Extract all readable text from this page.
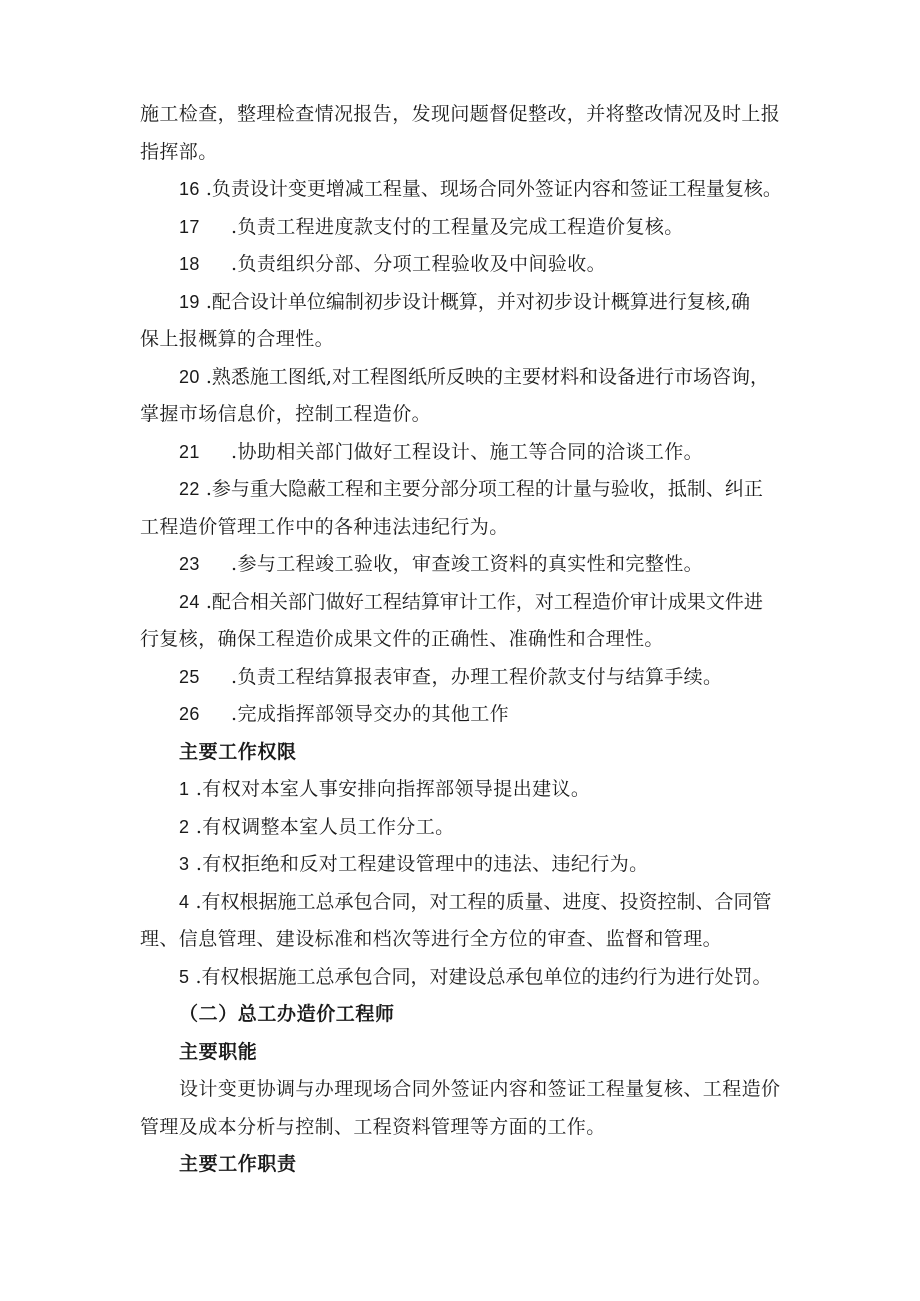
施工检查，整理检查情况报告，发现问题督促整改，并将整改情况及时上报
指挥部。
16 .负责设计变更增减工程量、现场合同外签证内容和签证工程量复核。
17 .负责工程进度款支付的工程量及完成工程造价复核。
18 .负责组织分部、分项工程验收及中间验收。
19 .配合设计单位编制初步设计概算，并对初步设计概算进行复核,确
保上报概算的合理性。
20 .熟悉施工图纸,对工程图纸所反映的主要材料和设备进行市场咨询，
掌握市场信息价，控制工程造价。
21 .协助相关部门做好工程设计、施工等合同的洽谈工作。
22 .参与重大隐蔽工程和主要分部分项工程的计量与验收，抵制、纠正
工程造价管理工作中的各种违法违纪行为。
23 .参与工程竣工验收，审查竣工资料的真实性和完整性。
24 .配合相关部门做好工程结算审计工作，对工程造价审计成果文件进
行复核，确保工程造价成果文件的正确性、准确性和合理性。
25 .负责工程结算报表审查，办理工程价款支付与结算手续。
26 .完成指挥部领导交办的其他工作
主要工作权限
1 .有权对本室人事安排向指挥部领导提出建议。
2 .有权调整本室人员工作分工。
3 .有权拒绝和反对工程建设管理中的违法、违纪行为。
4 .有权根据施工总承包合同，对工程的质量、进度、投资控制、合同管
理、信息管理、建设标准和档次等进行全方位的审查、监督和管理。
5 .有权根据施工总承包合同，对建设总承包单位的违约行为进行处罚。
（二）总工办造价工程师
主要职能
设计变更协调与办理现场合同外签证内容和签证工程量复核、工程造价
管理及成本分析与控制、工程资料管理等方面的工作。
主要工作职责
